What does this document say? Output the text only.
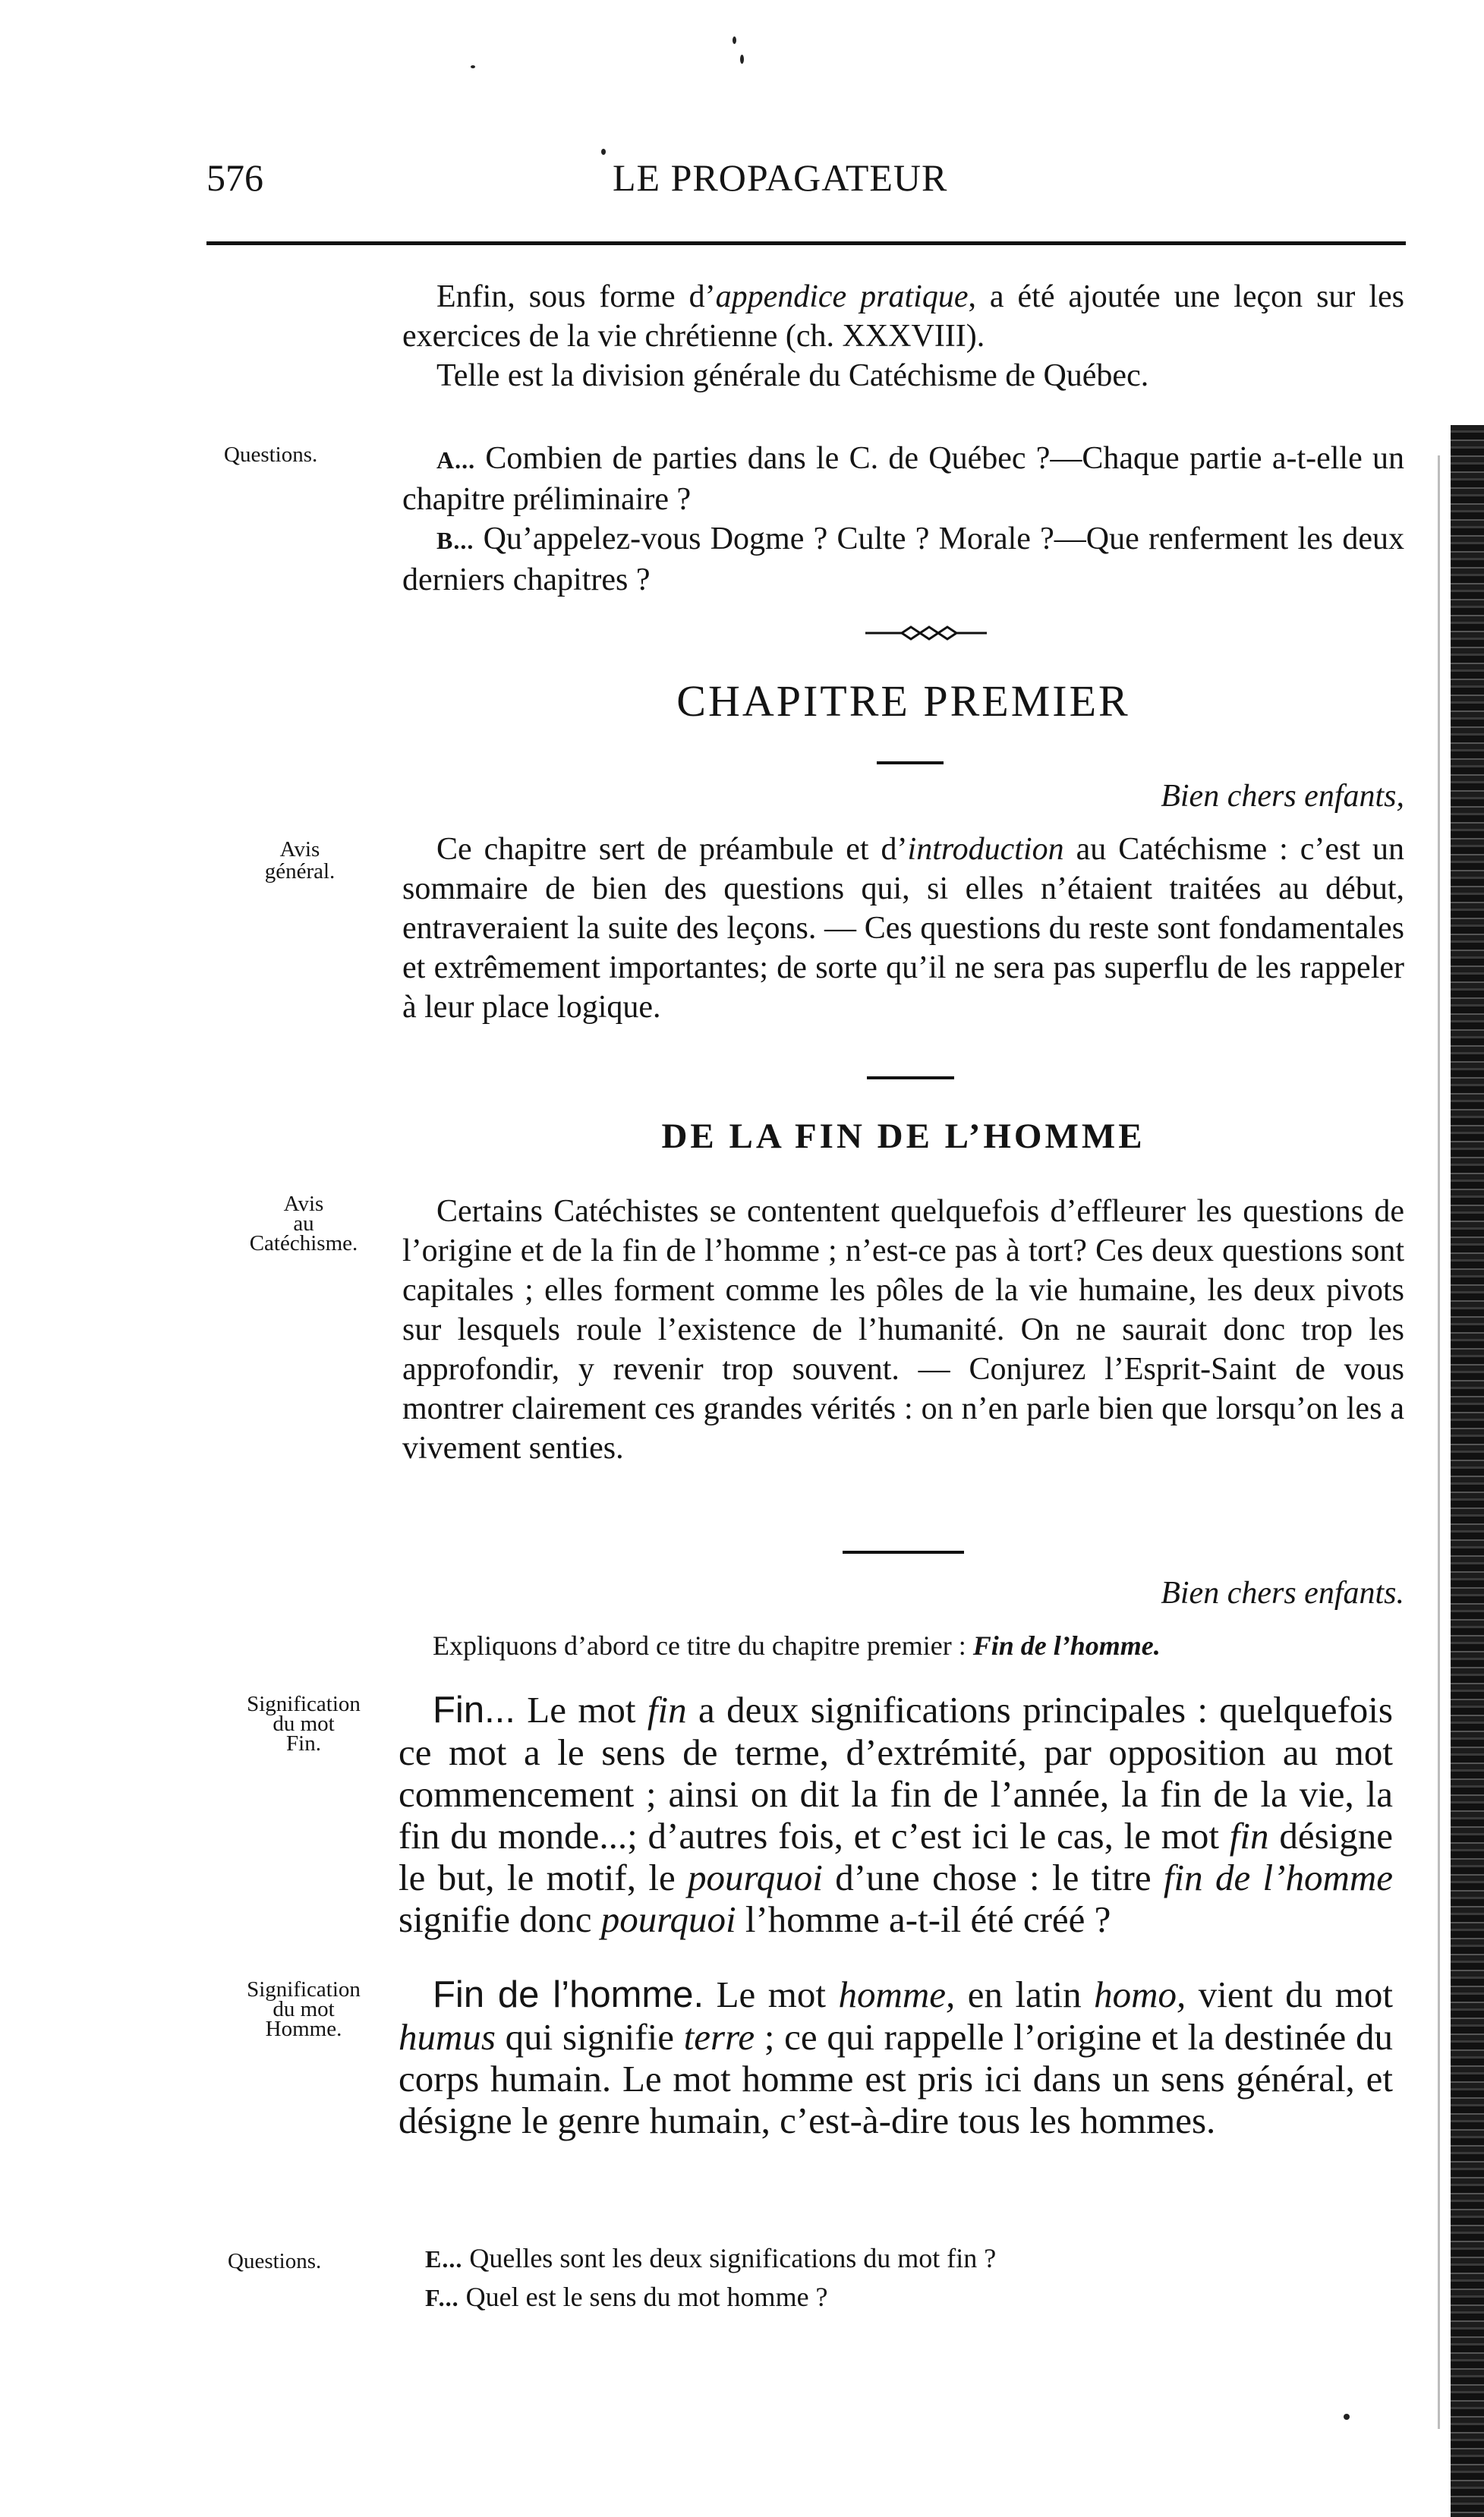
576	LE PROPAGATEUR

Enfin, sous forme d’appendice pratique, a été ajoutée une leçon sur les exercices de la vie chrétienne (ch. XXXVIII).

Telle est la division générale du Catéchisme de Québec.

Questions.	A... Combien de parties dans le C. de Québec ?—Chaque partie a-t-elle un chapitre préliminaire ?

B... Qu’appelez-vous Dogme ? Culte ? Morale ?—Que renferment les deux derniers chapitres ?

CHAPITRE PREMIER
Bien chers enfants,
Avis
général.

Ce chapitre sert de préambule et d’introduction au Catéchisme : c’est un sommaire de bien des questions qui, si elles n’étaient traitées au début, entraveraient la suite des leçons. — Ces questions du reste sont fondamentales et extrêmement importantes; de sorte qu’il ne sera pas superflu de les rappeler à leur place logique.

DE LA FIN DE L’HOMME
Avis
au
Catéchisme.

Certains Catéchistes se contentent quelquefois d’effleurer les questions de l’origine et de la fin de l’homme ; n’est-ce pas à tort? Ces deux questions sont capitales ; elles forment comme les pôles de la vie humaine, les deux pivots sur lesquels roule l’existence de l’humanité. On ne saurait donc trop les approfondir, y revenir trop souvent. — Conjurez l’Esprit-Saint de vous montrer clairement ces grandes vérités : on n’en parle bien que lorsqu’on les a vivement senties.

Bien chers enfants.
Expliquons d’abord ce titre du chapitre premier : Fin de l’homme.
Signification
du mot
Fin.

Fin... Le mot fin a deux significations principales : quelquefois ce mot a le sens de terme, d’extrémité, par opposition au mot commencement ; ainsi on dit la fin de l’année, la fin de la vie, la fin du monde...; d’autres fois, et c’est ici le cas, le mot fin désigne le but, le motif, le pourquoi d’une chose : le titre fin de l’homme signifie donc pourquoi l’homme a-t-il été créé ?

Signification
du mot
Homme.

Fin de l’homme. Le mot homme, en latin homo, vient du mot humus qui signifie terre ; ce qui rappelle l’origine et la destinée du corps humain. Le mot homme est pris ici dans un sens général, et désigne le genre humain, c’est-à-dire tous les hommes.

Questions.	E... Quelles sont les deux significations du mot fin ?

F... Quel est le sens du mot homme ?
